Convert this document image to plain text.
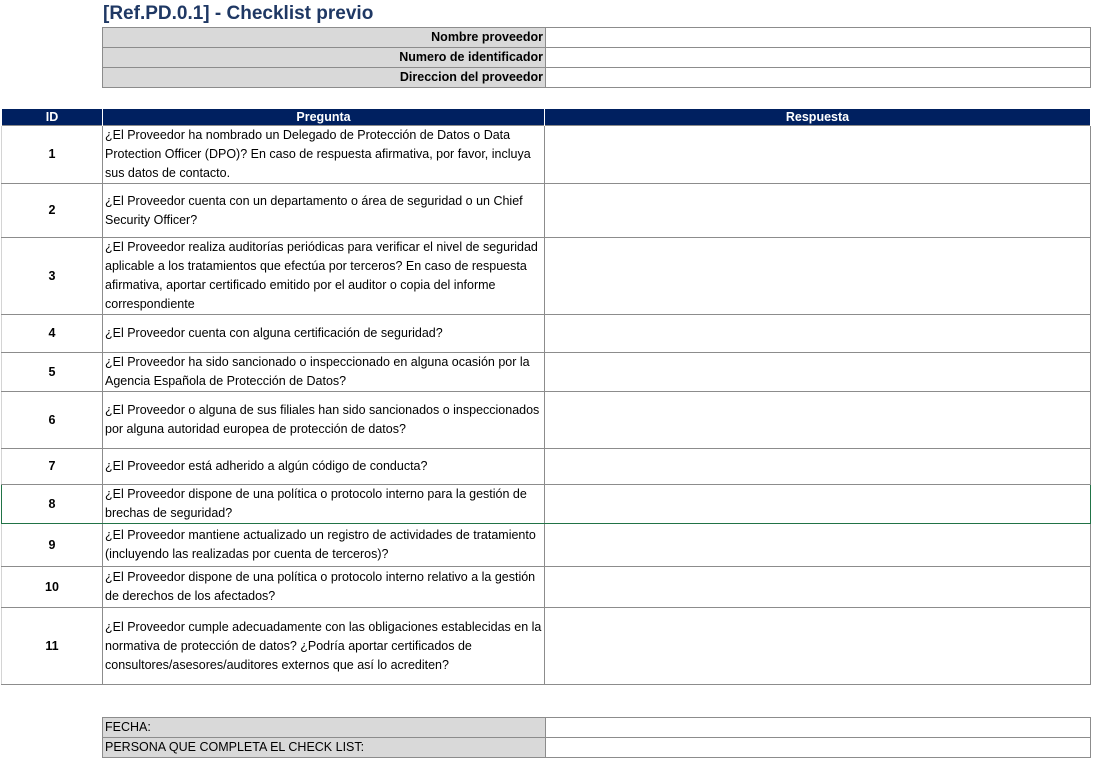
[Ref.PD.0.1] - Checklist previo
Nombre proveedor	
Numero de identificador	
Direccion del proveedor	
ID	Pregunta	Respuesta
1	¿El Proveedor ha nombrado un Delegado de Protección de Datos o Data Protection Officer (DPO)? En caso de respuesta afirmativa, por favor, incluya sus datos de contacto.	
2	¿El Proveedor cuenta con un departamento o área de seguridad o un Chief Security Officer?	
3	¿El Proveedor realiza auditorías periódicas para verificar el nivel de seguridad aplicable a los tratamientos que efectúa por terceros? En caso de respuesta afirmativa, aportar certificado emitido por el auditor o copia del informe correspondiente	
4	¿El Proveedor cuenta con alguna certificación de seguridad?	
5	¿El Proveedor ha sido sancionado o inspeccionado en alguna ocasión por la Agencia Española de Protección de Datos?	
6	¿El Proveedor o alguna de sus filiales han sido sancionados o inspeccionados por alguna autoridad europea de protección de datos?	
7	¿El Proveedor está adherido a algún código de conducta?	
8	¿El Proveedor dispone de una política o protocolo interno para la gestión de brechas de seguridad?	
9	¿El Proveedor mantiene actualizado un registro de actividades de tratamiento (incluyendo las realizadas por cuenta de terceros)?	
10	¿El Proveedor dispone de una política o protocolo interno relativo a la gestión de derechos de los afectados?	
11	¿El Proveedor cumple adecuadamente con las obligaciones establecidas en la normativa de protección de datos? ¿Podría aportar certificados de consultores/asesores/auditores externos que así lo acrediten?	
FECHA:	
PERSONA QUE COMPLETA EL CHECK LIST:	
